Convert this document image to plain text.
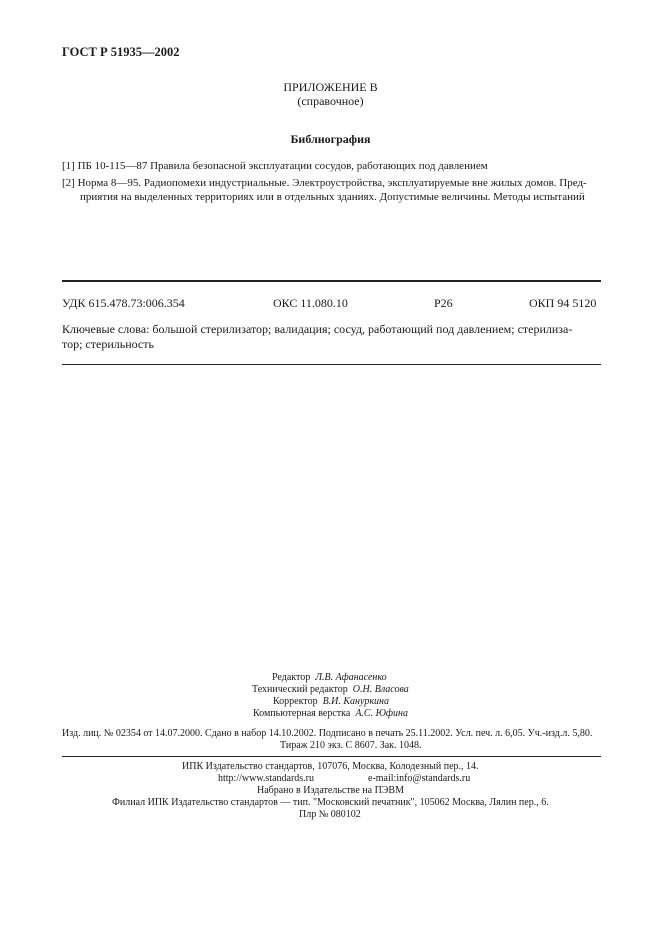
ГОСТ Р 51935—2002
ПРИЛОЖЕНИЕ В
(справочное)
Библиография
[1] ПБ 10-115—87 Правила безопасной эксплуатации сосудов, работающих под давлением
[2] Норма 8—95. Радиопомехи индустриальные. Электроустройства, эксплуатируемые вне жилых домов. Пред-
приятия на выделенных территориях или в отдельных зданиях. Допустимые величины. Методы испытаний
УДК 615.478.73:006.354	ОКС 11.080.10	Р26	ОКП 94 5120
Ключевые слова: большой стерилизатор; валидация; сосуд, работающий под давлением; стерилиза-
тор; стерильность
Редактор Л.В. Афанасенко
Технический редактор О.Н. Власова
Корректор В.И. Кануркина
Компьютерная верстка А.С. Юфина
Изд. лиц. № 02354 от 14.07.2000. Сдано в набор 14.10.2002. Подписано в печать 25.11.2002. Усл. печ. л. 6,05. Уч.-изд.л. 5,80.
Тираж 210 экз. С 8607. Зак. 1048.
ИПК Издательство стандартов, 107076, Москва, Колодезный пер., 14.
http://www.standards.ru	e-mail:info@standards.ru
Набрано в Издательстве на ПЭВМ
Филиал ИПК Издательство стандартов — тип. "Московский печатник", 105062 Москва, Лялин пер., 6.
Плр № 080102
